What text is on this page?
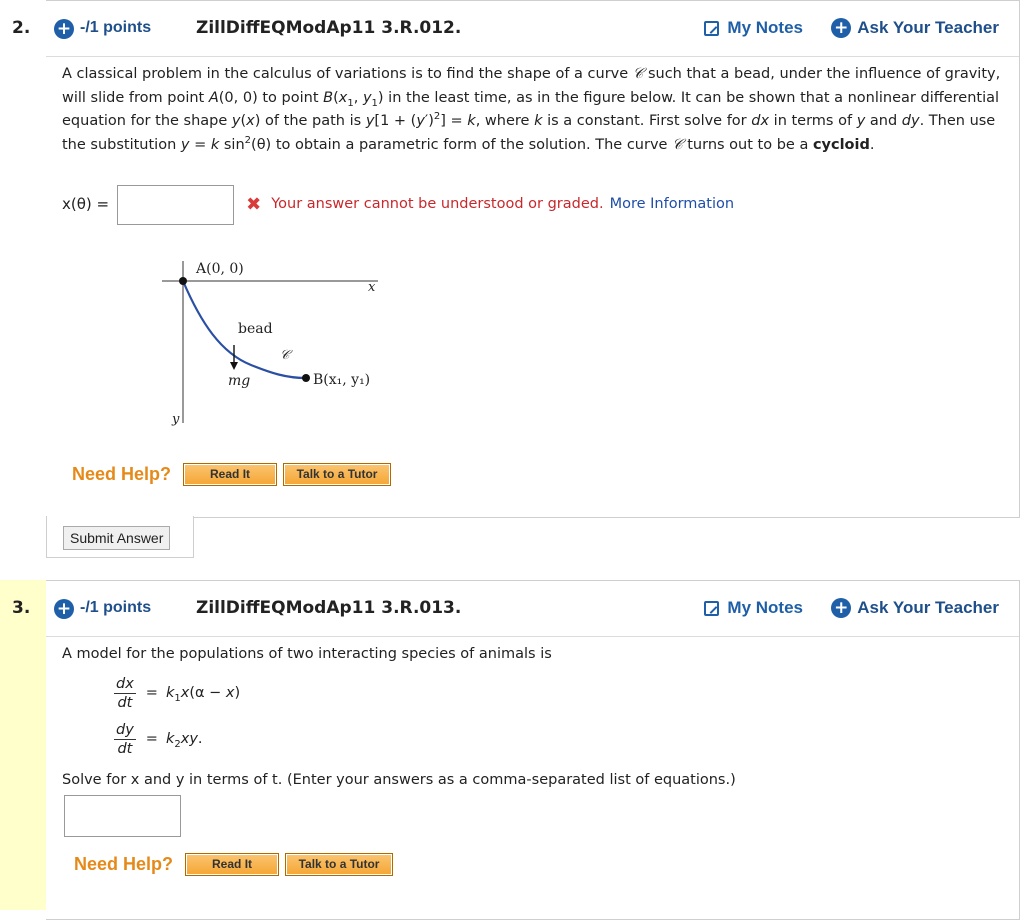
2. + -/1 points	ZillDiffEQModAp11 3.R.012.	My Notes + Ask Your Teacher
A classical problem in the calculus of variations is to find the shape of a curve 𝒞 such that a bead, under the influence of gravity, will slide from point A(0, 0) to point $B(x_1$, $y_1$) in the least time, as in the figure below. It can be shown that a nonlinear differential equation for the shape y(x) of the path is $y[1 + (y')^2] = k$, where k is a constant. First solve for dx in terms of y and dy. Then use the substitution y = k $\sin^2(\theta)$ to obtain a parametric form of the solution. The curve 𝒞 turns out to be a cycloid.
x(θ) =	✖ Your answer cannot be understood or graded. More Information
A(0, 0)
x
bead
𝒞
mg	B(x₁, y₁)
y
Need Help?	Read It	Talk to a Tutor
Submit Answer
3. + -/1 points	ZillDiffEQModAp11 3.R.013.	My Notes + Ask Your Teacher
A model for the populations of two interacting species of animals is
$\frac{dx}{dt} = k_1x(\alpha - x)$
$\frac{dy}{dt} = k_2xy$.
Solve for x and y in terms of t. (Enter your answers as a comma-separated list of equations.)
Need Help?	Read It	Talk to a Tutor
